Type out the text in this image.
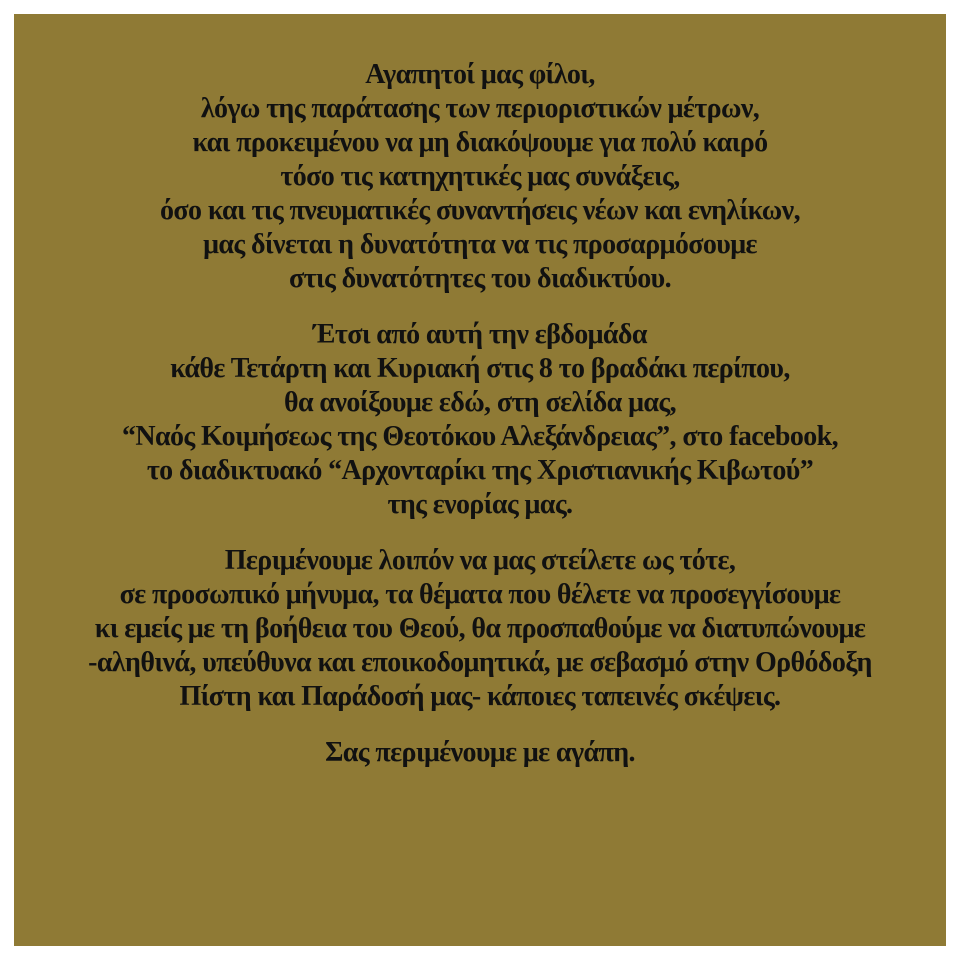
Αγαπητοί μας φίλοι,
λόγω της παράτασης των περιοριστικών μέτρων,
και προκειμένου να μη διακόψουμε για πολύ καιρό
τόσο τις κατηχητικές μας συνάξεις,
όσο και τις πνευματικές συναντήσεις νέων και ενηλίκων,
μας δίνεται η δυνατότητα να τις προσαρμόσουμε
στις δυνατότητες του διαδικτύου.

Έτσι από αυτή την εβδομάδα
κάθε Τετάρτη και Κυριακή στις 8 το βραδάκι περίπου,
θα ανοίξουμε εδώ, στη σελίδα μας,
“Ναός Κοιμήσεως της Θεοτόκου Αλεξάνδρειας”, στο facebook,
το διαδικτυακό “Αρχονταρίκι της Χριστιανικής Κιβωτού”
της ενορίας μας.

Περιμένουμε λοιπόν να μας στείλετε ως τότε,
σε προσωπικό μήνυμα, τα θέματα που θέλετε να προσεγγίσουμε
κι εμείς με τη βοήθεια του Θεού, θα προσπαθούμε να διατυπώνουμε
-αληθινά, υπεύθυνα και εποικοδομητικά, με σεβασμό στην Ορθόδοξη
Πίστη και Παράδοσή μας- κάποιες ταπεινές σκέψεις.

Σας περιμένουμε με αγάπη.
